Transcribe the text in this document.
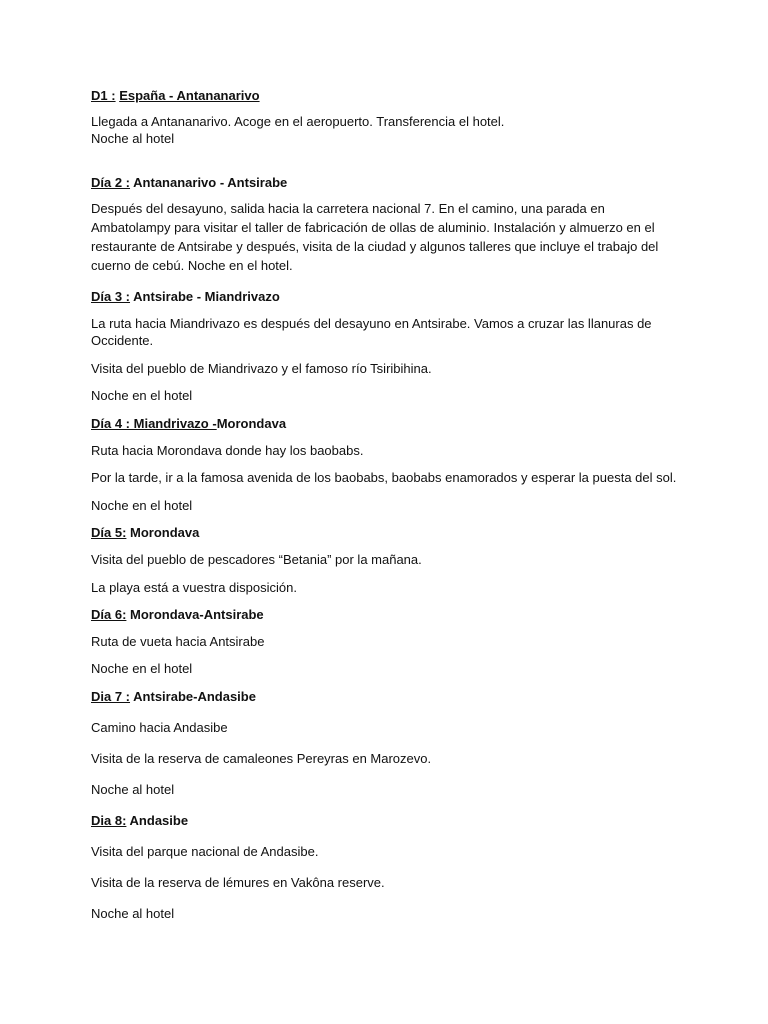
D1 : España - Antananarivo
Llegada a Antananarivo. Acoge en el aeropuerto. Transferencia el hotel.
Noche al hotel
Día 2 : Antananarivo - Antsirabe
Después del desayuno, salida hacia la carretera nacional 7. En el camino, una parada en
Ambatolampy para visitar el taller de fabricación de ollas de aluminio. Instalación y almuerzo en el
restaurante de Antsirabe y después, visita de la ciudad y algunos talleres que incluye el trabajo del
cuerno de cebú. Noche en el hotel.
Día 3 : Antsirabe - Miandrivazo
La ruta hacia Miandrivazo es después del desayuno en Antsirabe. Vamos a cruzar las llanuras de
Occidente.
Visita del pueblo de Miandrivazo y el famoso río Tsiribihina.
Noche en el hotel
Día 4 : Miandrivazo -Morondava
Ruta hacia Morondava donde hay los baobabs.
Por la tarde, ir a la famosa avenida de los baobabs, baobabs enamorados y esperar la puesta del sol.
Noche en el hotel
Día 5: Morondava
Visita del pueblo de pescadores “Betania” por la mañana.
La playa está a vuestra disposición.
Día 6: Morondava-Antsirabe
Ruta de vueta hacia Antsirabe
Noche en el hotel
Dia 7 : Antsirabe-Andasibe
Camino hacia Andasibe
Visita de la reserva de camaleones Pereyras en Marozevo.
Noche al hotel
Dia 8: Andasibe
Visita del parque nacional de Andasibe.
Visita de la reserva de lémures en Vakôna reserve.
Noche al hotel
